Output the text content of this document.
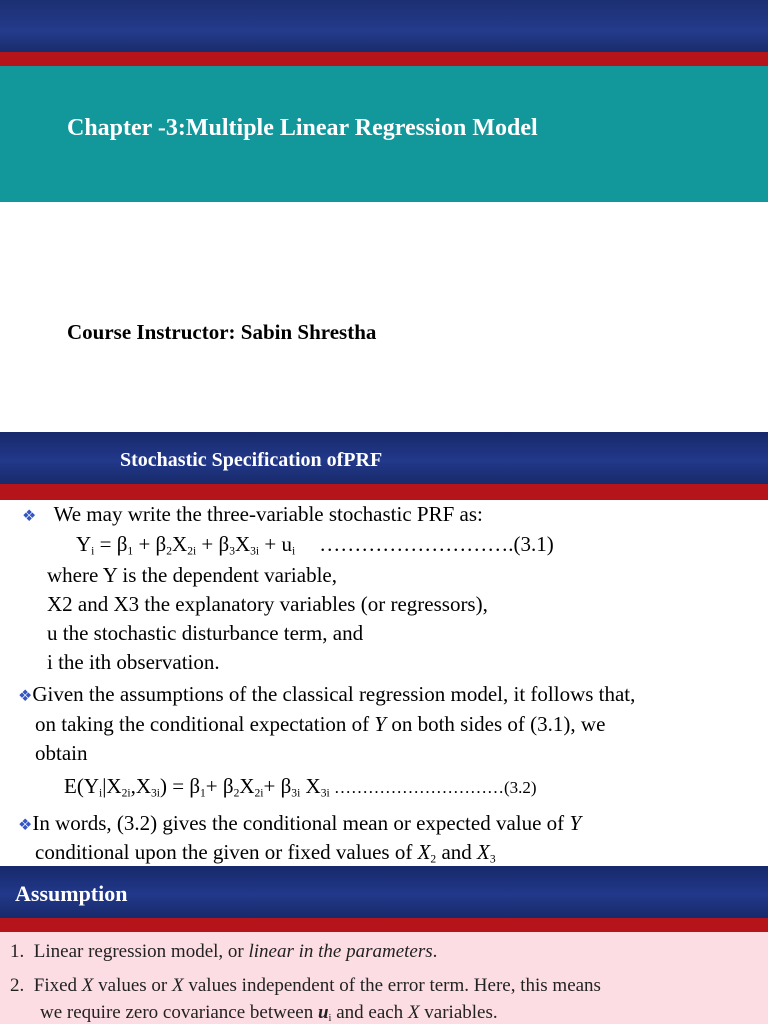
Chapter -3:Multiple Linear Regression Model
Course Instructor: Sabin Shrestha
Stochastic Specification ofPRF
❖ We may write the three-variable stochastic PRF as:
$Y_i = \beta_1 + \beta_2X_{2i} + \beta_3X_{3i} + u_i$ ……………………….(3.1)
where Y is the dependent variable,
X2 and X3 the explanatory variables (or regressors),
u the stochastic disturbance term, and
i the ith observation.
❖Given the assumptions of the classical regression model, it follows that,
on taking the conditional expectation of Y on both sides of (3.1), we
obtain
$E(Y_i|X_{2i},X_{3i}) = \beta_1+ \beta_2X_{2i}+ \beta_{3i}$ $X_{3i}$ …………………………(3.2)
❖In words, (3.2) gives the conditional mean or expected value of Y
conditional upon the given or fixed values of $X_2$ and $X_3$
Assumption
1. Linear regression model, or linear in the parameters.
2. Fixed X values or X values independent of the error term. Here, this means
we require zero covariance between $u_i$ and each X variables.
